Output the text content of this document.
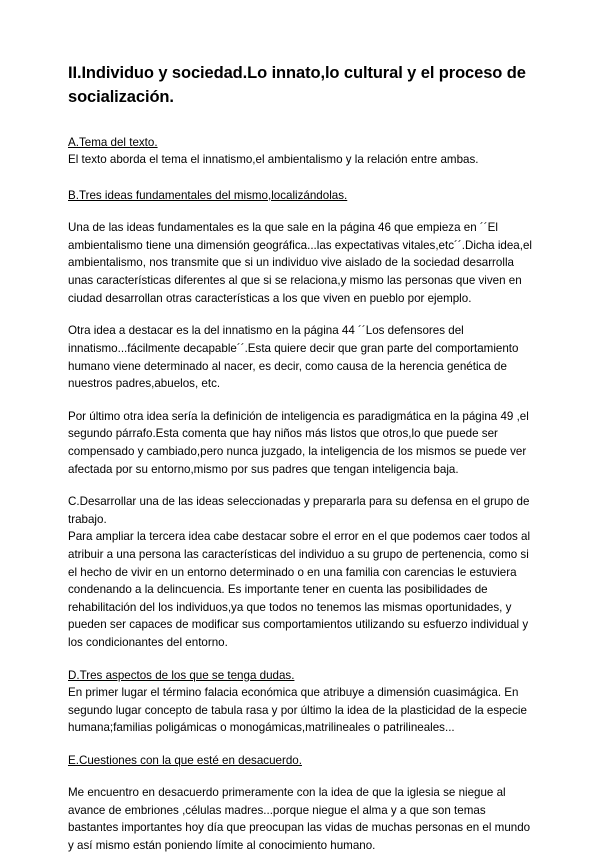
II.Individuo y sociedad.Lo innato,lo cultural y el proceso de socialización.
A.Tema del texto.

El texto aborda el tema el innatismo,el ambientalismo y la relación entre ambas.

B.Tres ideas fundamentales del mismo,localizándolas.

Una de las ideas fundamentales es la que sale en la página 46 que empieza en ´´El ambientalismo tiene una dimensión geográfica...las expectativas vitales,etc´´.Dicha idea,el ambientalismo, nos transmite que si un individuo vive aislado de la sociedad desarrolla unas características diferentes al que si se relaciona,y mismo las personas que viven en ciudad desarrollan otras características a los que viven en pueblo por ejemplo.

Otra idea a destacar es la del innatismo en la página 44 ´´Los defensores del innatismo...fácilmente decapable´´.Esta quiere decir que gran parte del comportamiento humano viene determinado al nacer, es decir, como causa de la herencia genética de nuestros padres,abuelos, etc.

Por último otra idea sería la definición de inteligencia es paradigmática en la página 49 ,el segundo párrafo.Esta comenta que hay niños más listos que otros,lo que puede ser compensado y cambiado,pero nunca juzgado, la inteligencia de los mismos se puede ver afectada por su entorno,mismo por sus padres que tengan inteligencia baja.

C.Desarrollar una de las ideas seleccionadas y prepararla para su defensa en el grupo de trabajo.

Para ampliar la tercera idea cabe destacar sobre el error en el que podemos caer todos al atribuir a una persona las características del individuo a su grupo de pertenencia, como si el hecho de vivir en un entorno determinado o en una familia con carencias le estuviera condenando a la delincuencia. Es importante tener en cuenta las posibilidades de rehabilitación del los individuos,ya que todos no tenemos las mismas oportunidades, y pueden ser capaces de modificar sus comportamientos utilizando su esfuerzo individual y los condicionantes del entorno.

D.Tres aspectos de los que se tenga dudas.

En primer lugar el término falacia económica que atribuye a dimensión cuasimágica. En segundo lugar concepto de tabula rasa y por último la idea de la plasticidad de la especie humana;familias poligámicas o monogámicas,matrilineales o patrilineales...

E.Cuestiones con la que esté en desacuerdo.

Me encuentro en desacuerdo primeramente con la idea de que la iglesia se niegue al avance de embriones ,células madres...porque niegue el alma y a que son temas bastantes importantes hoy día que preocupan las vidas de muchas personas en el mundo y así mismo están poniendo límite al conocimiento humano.
